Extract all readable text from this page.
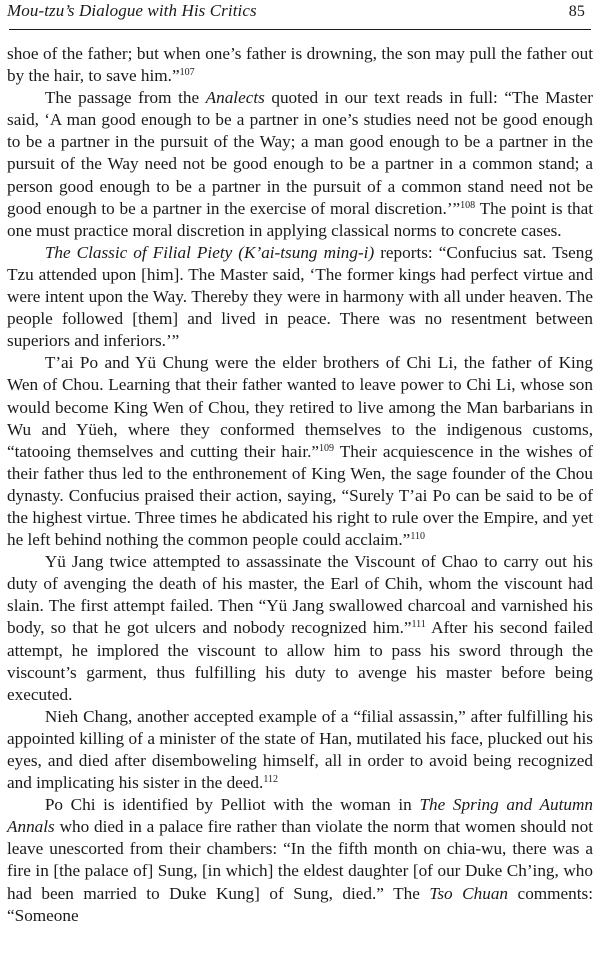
Mou-tzu’s Dialogue with His Critics	85

shoe of the father; but when one’s father is drowning, the son may pull the father out by the hair, to save him.”$^{107}$

The passage from the Analects quoted in our text reads in full: “The Master said, ‘A man good enough to be a partner in one’s studies need not be good enough to be a partner in the pursuit of the Way; a man good enough to be a partner in the pursuit of the Way need not be good enough to be a partner in a common stand; a person good enough to be a partner in the pursuit of a common stand need not be good enough to be a partner in the exercise of moral discretion.’”$^{108}$ The point is that one must practice moral discretion in applying classical norms to concrete cases.

The Classic of Filial Piety (K’ai-tsung ming-i) reports: “Confucius sat. Tseng Tzu attended upon [him]. The Master said, ‘The former kings had perfect virtue and were intent upon the Way. Thereby they were in harmony with all under heaven. The people followed [them] and lived in peace. There was no resentment between superiors and inferiors.’”

T’ai Po and Yü Chung were the elder brothers of Chi Li, the father of King Wen of Chou. Learning that their father wanted to leave power to Chi Li, whose son would become King Wen of Chou, they retired to live among the Man barbarians in Wu and Yüeh, where they conformed themselves to the indigenous customs, “tatooing themselves and cutting their hair.”$^{109}$ Their acquiescence in the wishes of their father thus led to the enthronement of King Wen, the sage founder of the Chou dynasty. Confucius praised their action, saying, “Surely T’ai Po can be said to be of the highest virtue. Three times he abdicated his right to rule over the Empire, and yet he left behind nothing the common people could acclaim.”$^{110}$

Yü Jang twice attempted to assassinate the Viscount of Chao to carry out his duty of avenging the death of his master, the Earl of Chih, whom the viscount had slain. The first attempt failed. Then “Yü Jang swallowed charcoal and varnished his body, so that he got ulcers and nobody recognized him.”$^{111}$ After his second failed attempt, he implored the viscount to allow him to pass his sword through the viscount’s garment, thus fulfilling his duty to avenge his master before being executed.

Nieh Chang, another accepted example of a “filial assassin,” after fulfilling his appointed killing of a minister of the state of Han, mutilated his face, plucked out his eyes, and died after disemboweling himself, all in order to avoid being recognized and implicating his sister in the deed.$^{112}$

Po Chi is identified by Pelliot with the woman in The Spring and Autumn Annals who died in a palace fire rather than violate the norm that women should not leave unescorted from their chambers: “In the fifth month on chia-wu, there was a fire in [the palace of] Sung, [in which] the eldest daughter [of our Duke Ch’ing, who had been married to Duke Kung] of Sung, died.” The Tso Chuan comments: “Someone
